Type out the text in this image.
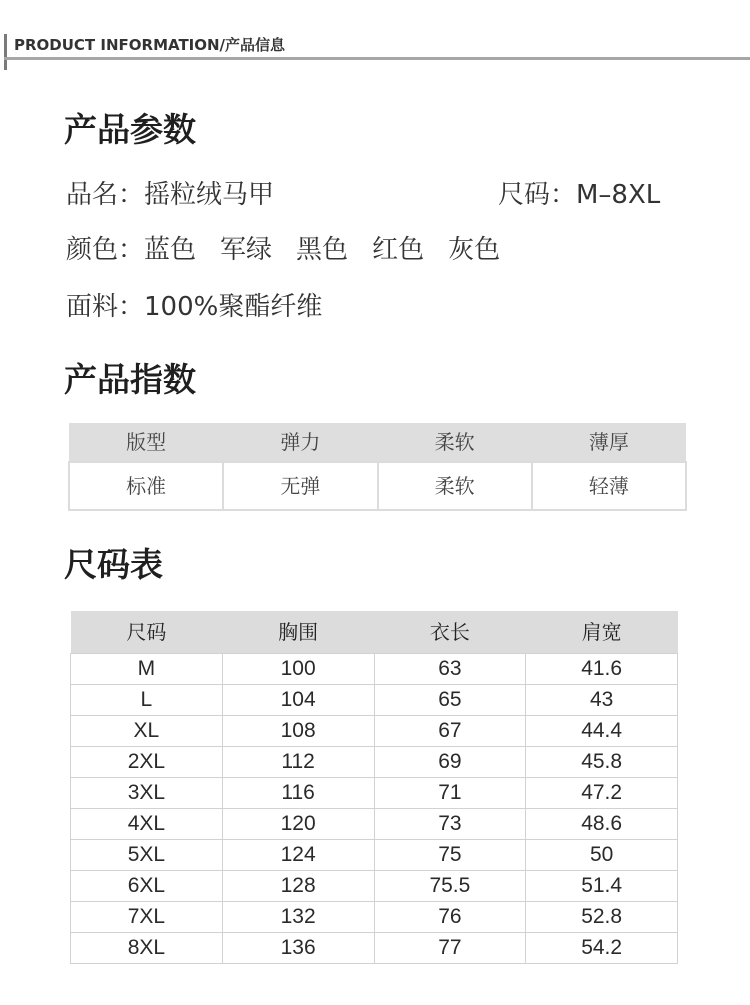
PRODUCT INFORMATION/产品信息
产品参数
品名：摇粒绒马甲	尺码：M–8XL
颜色：蓝色 军绿 黑色 红色 灰色
面料：100%聚酯纤维
产品指数
版型	弹力	柔软	薄厚
标准	无弹	柔软	轻薄
尺码表
尺码	胸围	衣长	肩宽
M	100	63	41.6
L	104	65	43
XL	108	67	44.4
2XL	112	69	45.8
3XL	116	71	47.2
4XL	120	73	48.6
5XL	124	75	50
6XL	128	75.5	51.4
7XL	132	76	52.8
8XL	136	77	54.2
